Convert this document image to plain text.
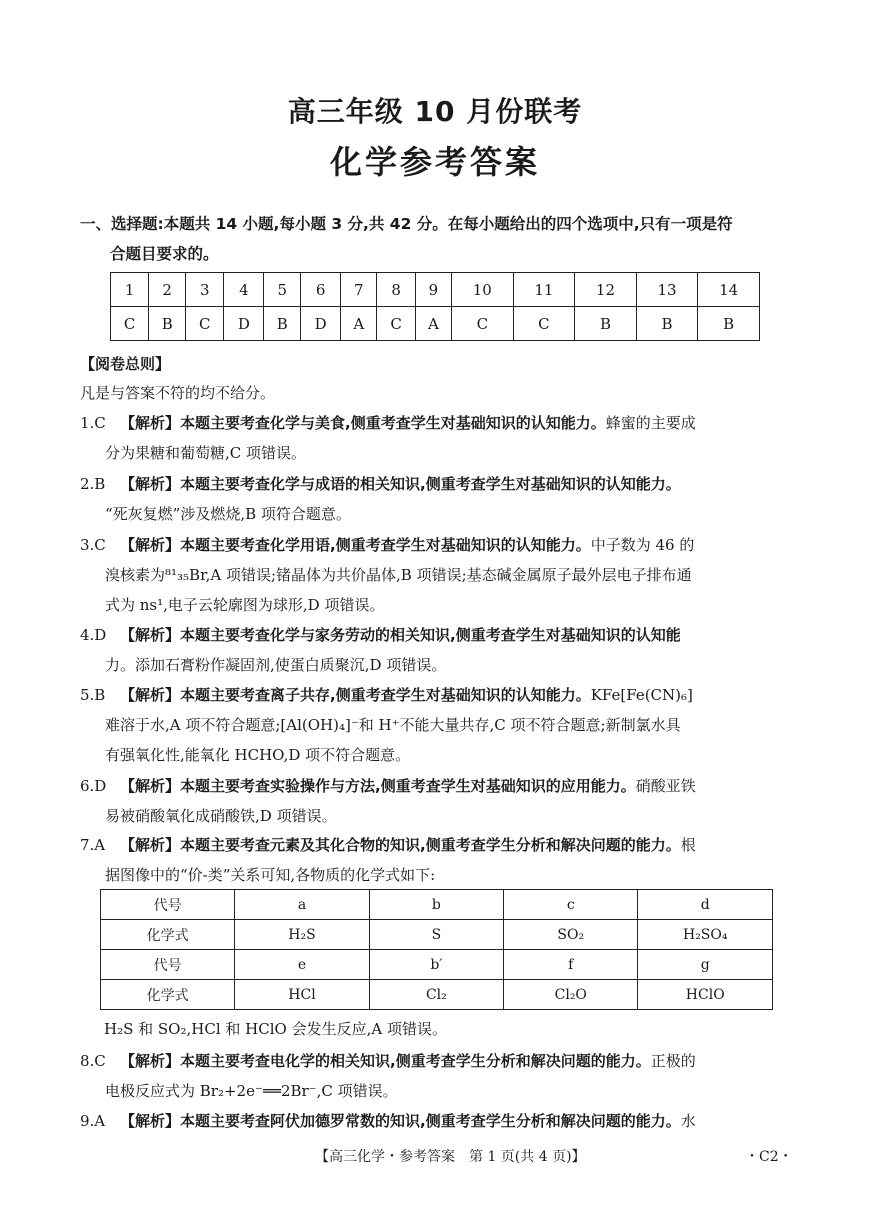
高三年级 10 月份联考
化学参考答案
一、选择题:本题共 14 小题,每小题 3 分,共 42 分。在每小题给出的四个选项中,只有一项是符
合题目要求的。
1	2	3	4	5	6	7	8	9	10	11	12	13	14
C	B	C	D	B	D	A	C	A	C	C	B	B	B
【阅卷总则】
凡是与答案不符的均不给分。
1.C 【解析】本题主要考查化学与美食,侧重考查学生对基础知识的认知能力。蜂蜜的主要成
分为果糖和葡萄糖,C 项错误。
2.B 【解析】本题主要考查化学与成语的相关知识,侧重考查学生对基础知识的认知能力。
“死灰复燃”涉及燃烧,B 项符合题意。
3.C 【解析】本题主要考查化学用语,侧重考查学生对基础知识的认知能力。中子数为 46 的
溴核素为⁸¹₃₅Br,A 项错误;锗晶体为共价晶体,B 项错误;基态碱金属原子最外层电子排布通
式为 ns¹,电子云轮廓图为球形,D 项错误。
4.D 【解析】本题主要考查化学与家务劳动的相关知识,侧重考查学生对基础知识的认知能
力。添加石膏粉作凝固剂,使蛋白质聚沉,D 项错误。
5.B 【解析】本题主要考查离子共存,侧重考查学生对基础知识的认知能力。KFe[Fe(CN)₆]
难溶于水,A 项不符合题意;[Al(OH)₄]⁻和 H⁺不能大量共存,C 项不符合题意;新制氯水具
有强氧化性,能氧化 HCHO,D 项不符合题意。
6.D 【解析】本题主要考查实验操作与方法,侧重考查学生对基础知识的应用能力。硝酸亚铁
易被硝酸氧化成硝酸铁,D 项错误。
7.A 【解析】本题主要考查元素及其化合物的知识,侧重考查学生分析和解决问题的能力。根
据图像中的“价-类”关系可知,各物质的化学式如下:
8.C 【解析】本题主要考查电化学的相关知识,侧重考查学生分析和解决问题的能力。正极的
电极反应式为 Br₂+2e⁻══2Br⁻,C 项错误。
9.A 【解析】本题主要考查阿伏加德罗常数的知识,侧重考查学生分析和解决问题的能力。水
代号	a	b	c	d
化学式	H₂S	S	SO₂	H₂SO₄
代号	e	b′	f	g
化学式	HCl	Cl₂	Cl₂O	HClO
H₂S 和 SO₂,HCl 和 HClO 会发生反应,A 项错误。
【高三化学・参考答案　第 1 页(共 4 页)】	・C2・
